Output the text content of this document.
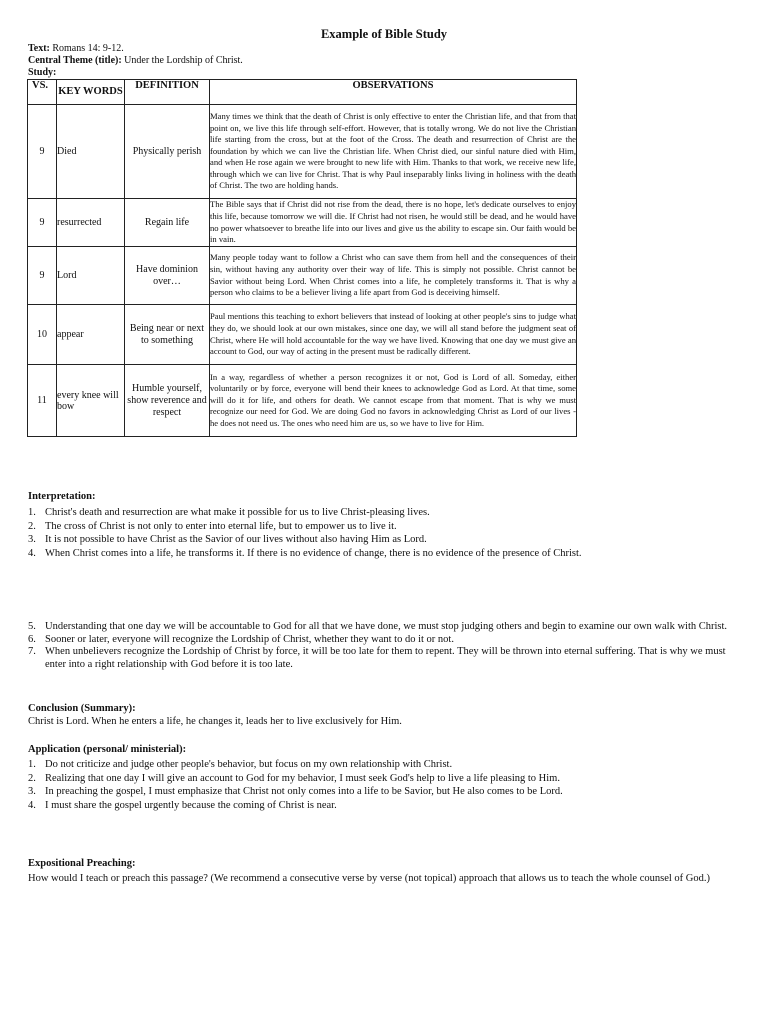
Example of Bible Study
Text: Romans 14: 9-12.
Central Theme (title): Under the Lordship of Christ.
Study:
VS.	KEY WORDS	DEFINITION	OBSERVATIONS
9	Died	Physically perish	Many times we think that the death of Christ is only effective to enter the Christian life, and that from that point on, we live this life through self-effort. However, that is totally wrong. We do not live the Christian life starting from the cross, but at the foot of the Cross. The death and resurrection of Christ are the foundation by which we can live the Christian life. When Christ died, our sinful nature died with Him, and when He rose again we were brought to new life with Him. Thanks to that work, we receive new life, through which we can live for Christ. That is why Paul inseparably links living in holiness with the death of Christ. The two are holding hands.
9	resurrected	Regain life	The Bible says that if Christ did not rise from the dead, there is no hope, let's dedicate ourselves to enjoy this life, because tomorrow we will die. If Christ had not risen, he would still be dead, and he would have no power whatsoever to breathe life into our lives and give us the ability to escape sin. Our faith would be in vain.
9	Lord	Have dominion over…	Many people today want to follow a Christ who can save them from hell and the consequences of their sin, without having any authority over their way of life. This is simply not possible. Christ cannot be Savior without being Lord. When Christ comes into a life, he completely transforms it. That is why a person who claims to be a believer living a life apart from God is deceiving himself.
10	appear	Being near or next to something	Paul mentions this teaching to exhort believers that instead of looking at other people's sins to judge what they do, we should look at our own mistakes, since one day, we will all stand before the judgment seat of Christ, where He will hold accountable for the way we have lived. Knowing that one day we must give an account to God, our way of acting in the present must be radically different.
11	every knee will bow	Humble yourself, show reverence and respect	In a way, regardless of whether a person recognizes it or not, God is Lord of all. Someday, either voluntarily or by force, everyone will bend their knees to acknowledge God as Lord. At that time, some will do it for life, and others for death. We cannot escape from that moment. That is why we must recognize our need for God. We are doing God no favors in acknowledging Christ as Lord of our lives - he does not need us. The ones who need him are us, so we have to live for Him.
Interpretation:
1. Christ's death and resurrection are what make it possible for us to live Christ-pleasing lives.
2. The cross of Christ is not only to enter into eternal life, but to empower us to live it.
3. It is not possible to have Christ as the Savior of our lives without also having Him as Lord.
4. When Christ comes into a life, he transforms it. If there is no evidence of change, there is no evidence of the presence of Christ.
5. Understanding that one day we will be accountable to God for all that we have done, we must stop judging others and begin to examine our own walk with Christ.
6. Sooner or later, everyone will recognize the Lordship of Christ, whether they want to do it or not.
7. When unbelievers recognize the Lordship of Christ by force, it will be too late for them to repent. They will be thrown into eternal suffering. That is why we must enter into a right relationship with God before it is too late.
Conclusion (Summary):
Christ is Lord. When he enters a life, he changes it, leads her to live exclusively for Him.
Application (personal/ ministerial):
1. Do not criticize and judge other people's behavior, but focus on my own relationship with Christ.
2. Realizing that one day I will give an account to God for my behavior, I must seek God's help to live a life pleasing to Him.
3. In preaching the gospel, I must emphasize that Christ not only comes into a life to be Savior, but He also comes to be Lord.
4. I must share the gospel urgently because the coming of Christ is near.
Expositional Preaching:
How would I teach or preach this passage? (We recommend a consecutive verse by verse (not topical) approach that allows us to teach the whole counsel of God.)
